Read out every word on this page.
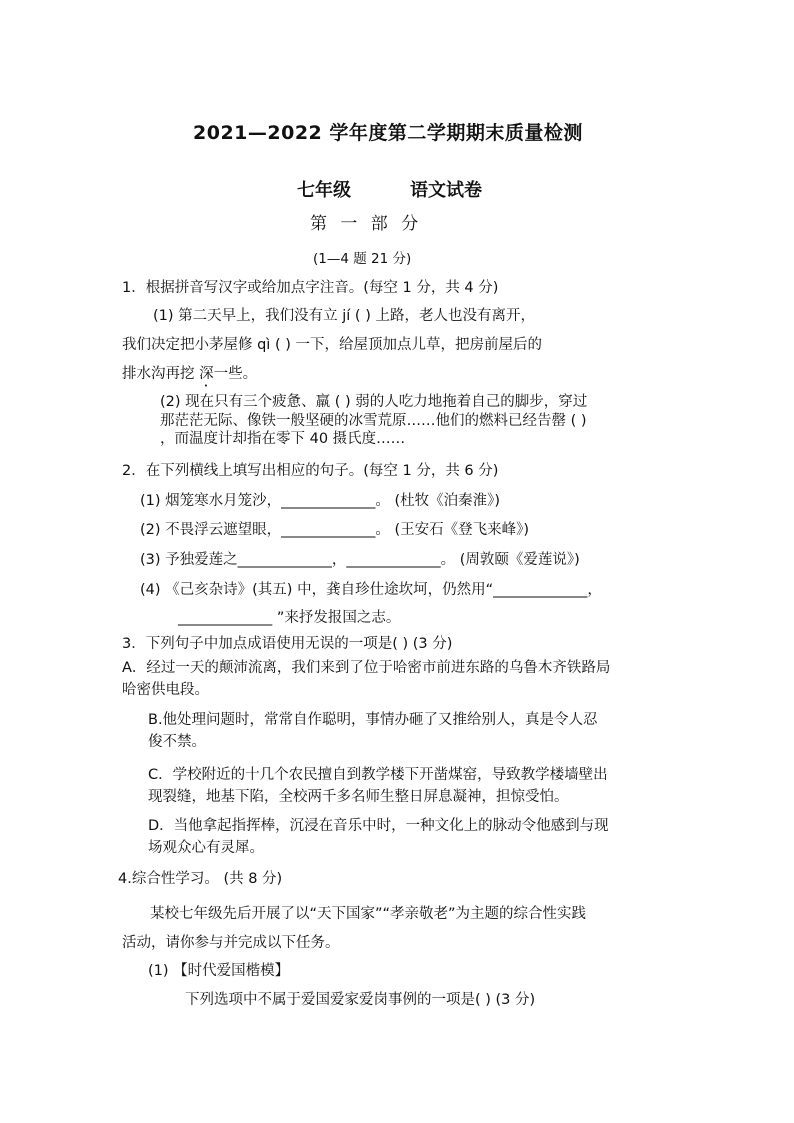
2021—2022 学年度第二学期期末质量检测
七年级	语文试卷
第 一 部 分
(1—4 题 21 分)
1．根据拼音写汉字或给加点字注音。(每空 1 分，共 4 分)
(1) 第二天早上，我们没有立 jí ( ) 上路，老人也没有离开，
我们决定把小茅屋修 qì ( ) 一下，给屋顶加点儿草，把房前屋后的
排水沟再挖 深一些。
(2) 现在只有三个疲惫、羸 ( ) 弱的人吃力地拖着自己的脚步，穿过
那茫茫无际、像铁一般坚硬的冰雪荒原……他们的燃料已经告罄 ( )
，而温度计却指在零下 40 摄氏度……
2．在下列横线上填写出相应的句子。(每空 1 分，共 6 分)
(1) 烟笼寒水月笼沙，_____________。 (杜牧《泊秦淮》)
(2) 不畏浮云遮望眼，_____________。 (王安石《登飞来峰》)
(3) 予独爱莲之_____________，_____________。 (周敦颐《爱莲说》)
(4) 《己亥杂诗》(其五) 中，龚自珍仕途坎坷，仍然用“_____________，
_____________ ”来抒发报国之志。
3．下列句子中加点成语使用无误的一项是( ) (3 分)
A．经过一天的颠沛流离，我们来到了位于哈密市前进东路的乌鲁木齐铁路局
哈密供电段。
B.他处理问题时，常常自作聪明，事情办砸了又推给别人，真是令人忍
俊不禁。
C．学校附近的十几个农民擅自到教学楼下开凿煤窑，导致教学楼墙壁出
现裂缝，地基下陷，全校两千多名师生整日屏息凝神，担惊受怕。
D．当他拿起指挥棒，沉浸在音乐中时，一种文化上的脉动令他感到与现
场观众心有灵犀。
4.综合性学习。 (共 8 分)
某校七年级先后开展了以“天下国家”“孝亲敬老”为主题的综合性实践
活动，请你参与并完成以下任务。
(1) 【时代爱国楷模】
下列选项中不属于爱国爱家爱岗事例的一项是( ) (3 分)
